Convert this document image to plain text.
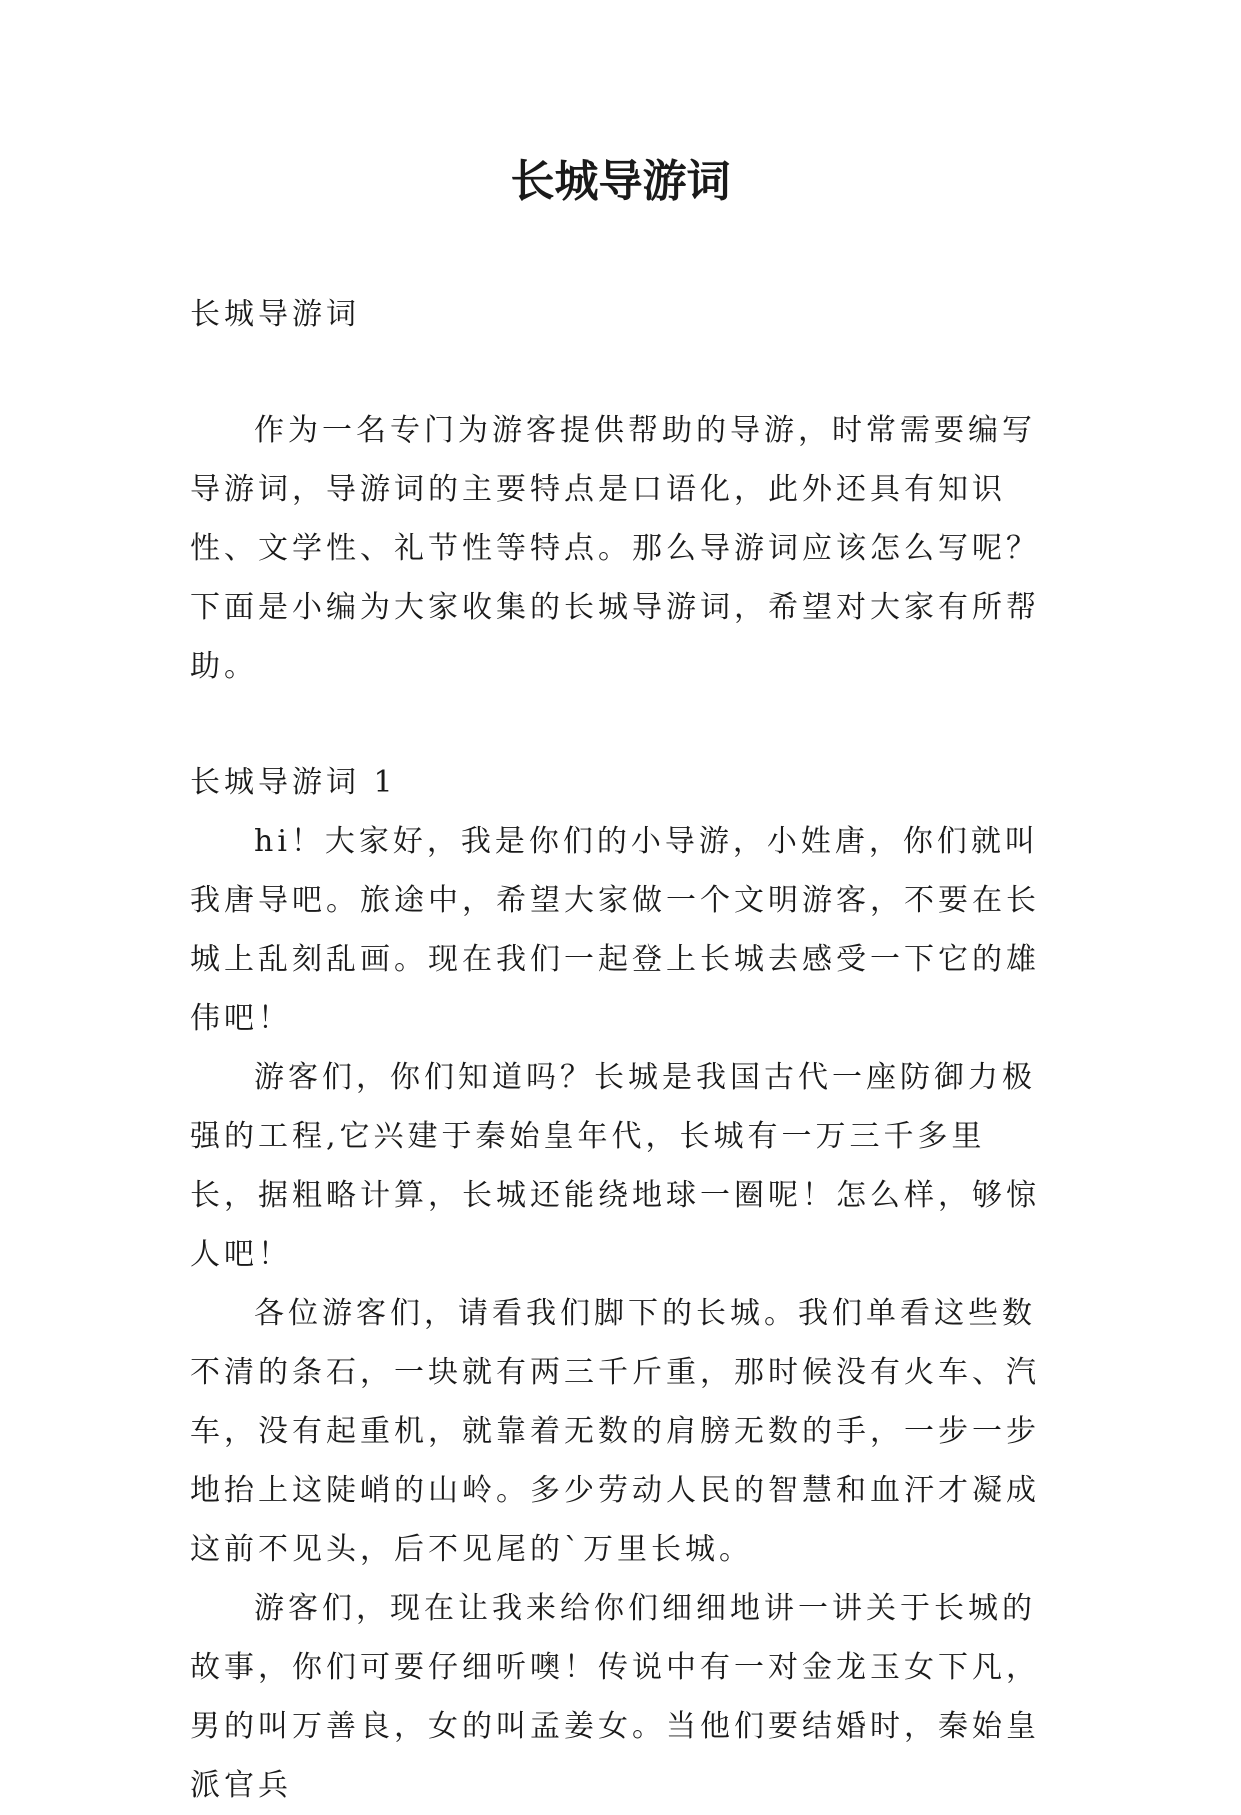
长城导游词

长城导游词

作为一名专门为游客提供帮助的导游，时常需要编写导游词，导游词的主要特点是口语化，此外还具有知识性、文学性、礼节性等特点。那么导游词应该怎么写呢？下面是小编为大家收集的长城导游词，希望对大家有所帮助。

长城导游词 1

hi！大家好，我是你们的小导游，小姓唐，你们就叫我唐导吧。旅途中，希望大家做一个文明游客，不要在长城上乱刻乱画。现在我们一起登上长城去感受一下它的雄伟吧！

游客们，你们知道吗？长城是我国古代一座防御力极强的工程,它兴建于秦始皇年代，长城有一万三千多里长，据粗略计算，长城还能绕地球一圈呢！怎么样，够惊人吧！

各位游客们，请看我们脚下的长城。我们单看这些数不清的条石，一块就有两三千斤重，那时候没有火车、汽车，没有起重机，就靠着无数的肩膀无数的手，一步一步地抬上这陡峭的山岭。多少劳动人民的智慧和血汗才凝成这前不见头，后不见尾的`万里长城。

游客们，现在让我来给你们细细地讲一讲关于长城的故事，你们可要仔细听噢！传说中有一对金龙玉女下凡，男的叫万善良，女的叫孟姜女。当他们要结婚时，秦始皇派官兵
